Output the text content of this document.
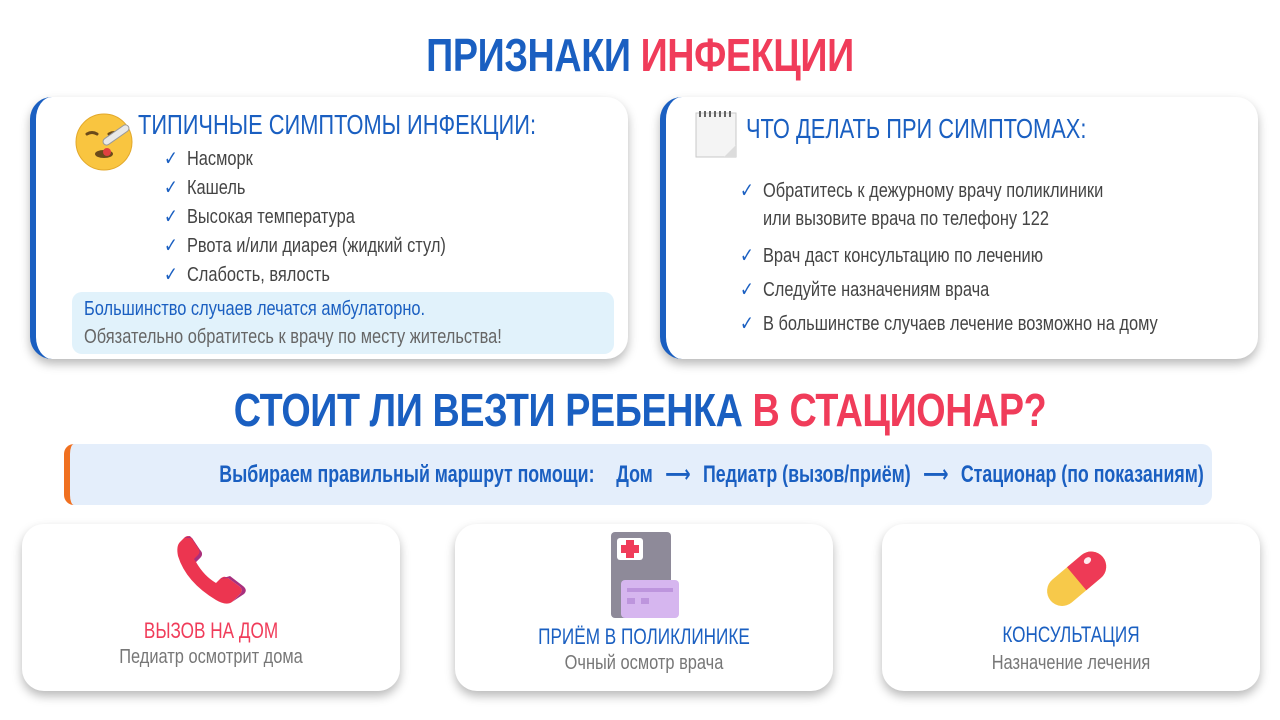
ПРИЗНАКИ ИНФЕКЦИИ
ТИПИЧНЫЕ СИМПТОМЫ ИНФЕКЦИИ:
✓ Насморк
✓ Кашель
✓ Высокая температура
✓ Рвота и/или диарея (жидкий стул)
✓ Слабость, вялость
Большинство случаев лечатся амбулаторно.
Обязательно обратитесь к врачу по месту жительства!
ЧТО ДЕЛАТЬ ПРИ СИМПТОМАХ:
✓ Обратитесь к дежурному врачу поликлиники
или вызовите врача по телефону 122
✓ Врач даст консультацию по лечению
✓ Следуйте назначениям врача
✓ В большинстве случаев лечение возможно на дому
СТОИТ ЛИ ВЕЗТИ РЕБЕНКА В СТАЦИОНАР?
Выбираем правильный маршрут помощи: Дом ⟶ Педиатр (вызов/приём) ⟶ Стационар (по показаниям)
ВЫЗОВ НА ДОМ
Педиатр осмотрит дома
ПРИЁМ В ПОЛИКЛИНИКЕ
Очный осмотр врача
КОНСУЛЬТАЦИЯ
Назначение лечения
